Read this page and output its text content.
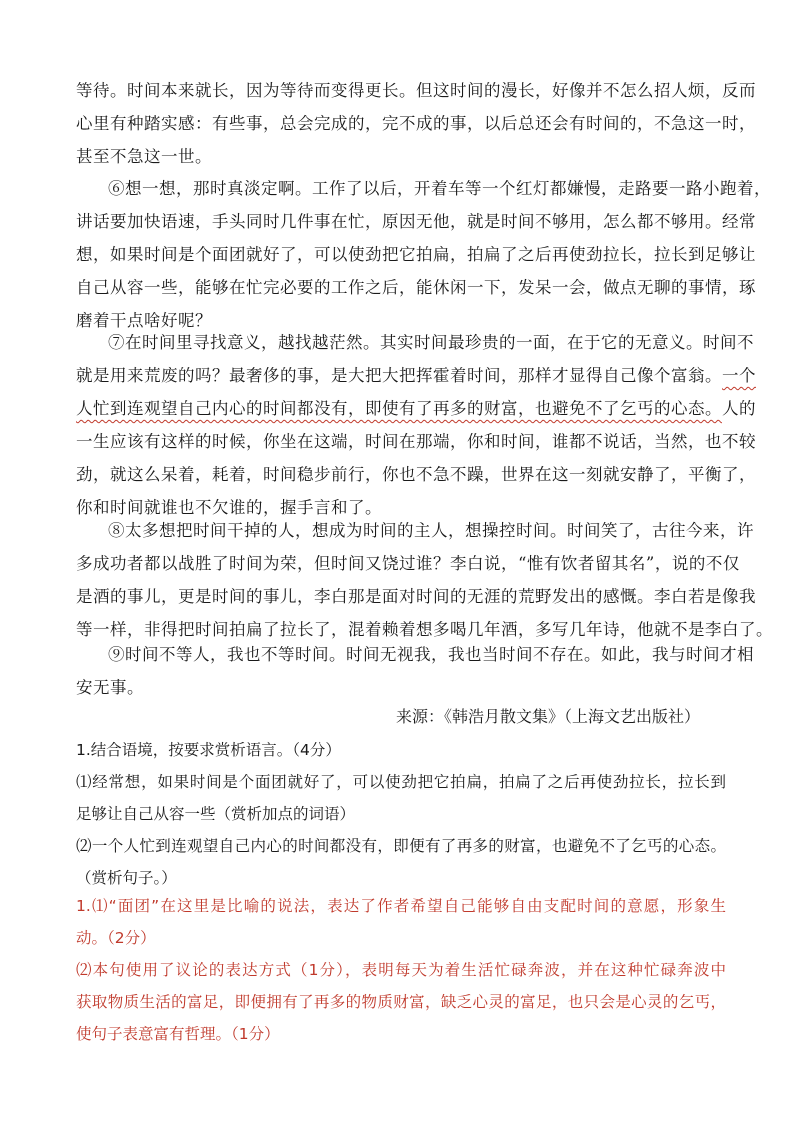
等待。时间本来就长，因为等待而变得更长。但这时间的漫长，好像并不怎么招人烦，反而
心里有种踏实感：有些事，总会完成的，完不成的事，以后总还会有时间的，不急这一时，
甚至不急这一世。
⑥想一想，那时真淡定啊。工作了以后，开着车等一个红灯都嫌慢，走路要一路小跑着，
讲话要加快语速，手头同时几件事在忙，原因无他，就是时间不够用，怎么都不够用。经常
想，如果时间是个面团就好了，可以使劲把它拍扁，拍扁了之后再使劲拉长，拉长到足够让
自己从容一些，能够在忙完必要的工作之后，能休闲一下，发呆一会，做点无聊的事情，琢
磨着干点啥好呢？
⑦在时间里寻找意义，越找越茫然。其实时间最珍贵的一面，在于它的无意义。时间不
就是用来荒废的吗？最奢侈的事，是大把大把挥霍着时间，那样才显得自己像个富翁。一个
人忙到连观望自己内心的时间都没有，即使有了再多的财富，也避免不了乞丐的心态。人的
一生应该有这样的时候，你坐在这端，时间在那端，你和时间，谁都不说话，当然，也不较
劲，就这么呆着，耗着，时间稳步前行，你也不急不躁，世界在这一刻就安静了，平衡了，
你和时间就谁也不欠谁的，握手言和了。
⑧太多想把时间干掉的人，想成为时间的主人，想操控时间。时间笑了，古往今来，许
多成功者都以战胜了时间为荣，但时间又饶过谁？李白说，“惟有饮者留其名”，说的不仅
是酒的事儿，更是时间的事儿，李白那是面对时间的无涯的荒野发出的感慨。李白若是像我
等一样，非得把时间拍扁了拉长了，混着赖着想多喝几年酒，多写几年诗，他就不是李白了。
⑨时间不等人，我也不等时间。时间无视我，我也当时间不存在。如此，我与时间才相
安无事。
来源：《韩浩月散文集》（上海文艺出版社）
1.结合语境，按要求赏析语言。（4分）
⑴经常想，如果时间是个面团就好了，可以使劲把它拍扁，拍扁了之后再使劲拉长，拉长到
足够让自己从容一些（赏析加点的词语）
⑵一个人忙到连观望自己内心的时间都没有，即便有了再多的财富，也避免不了乞丐的心态。
（赏析句子。）
1.⑴“面团”在这里是比喻的说法，表达了作者希望自己能够自由支配时间的意愿，形象生
动。（2分）
⑵本句使用了议论的表达方式（1分），表明每天为着生活忙碌奔波，并在这种忙碌奔波中
获取物质生活的富足，即便拥有了再多的物质财富，缺乏心灵的富足，也只会是心灵的乞丐，
使句子表意富有哲理。（1分）
